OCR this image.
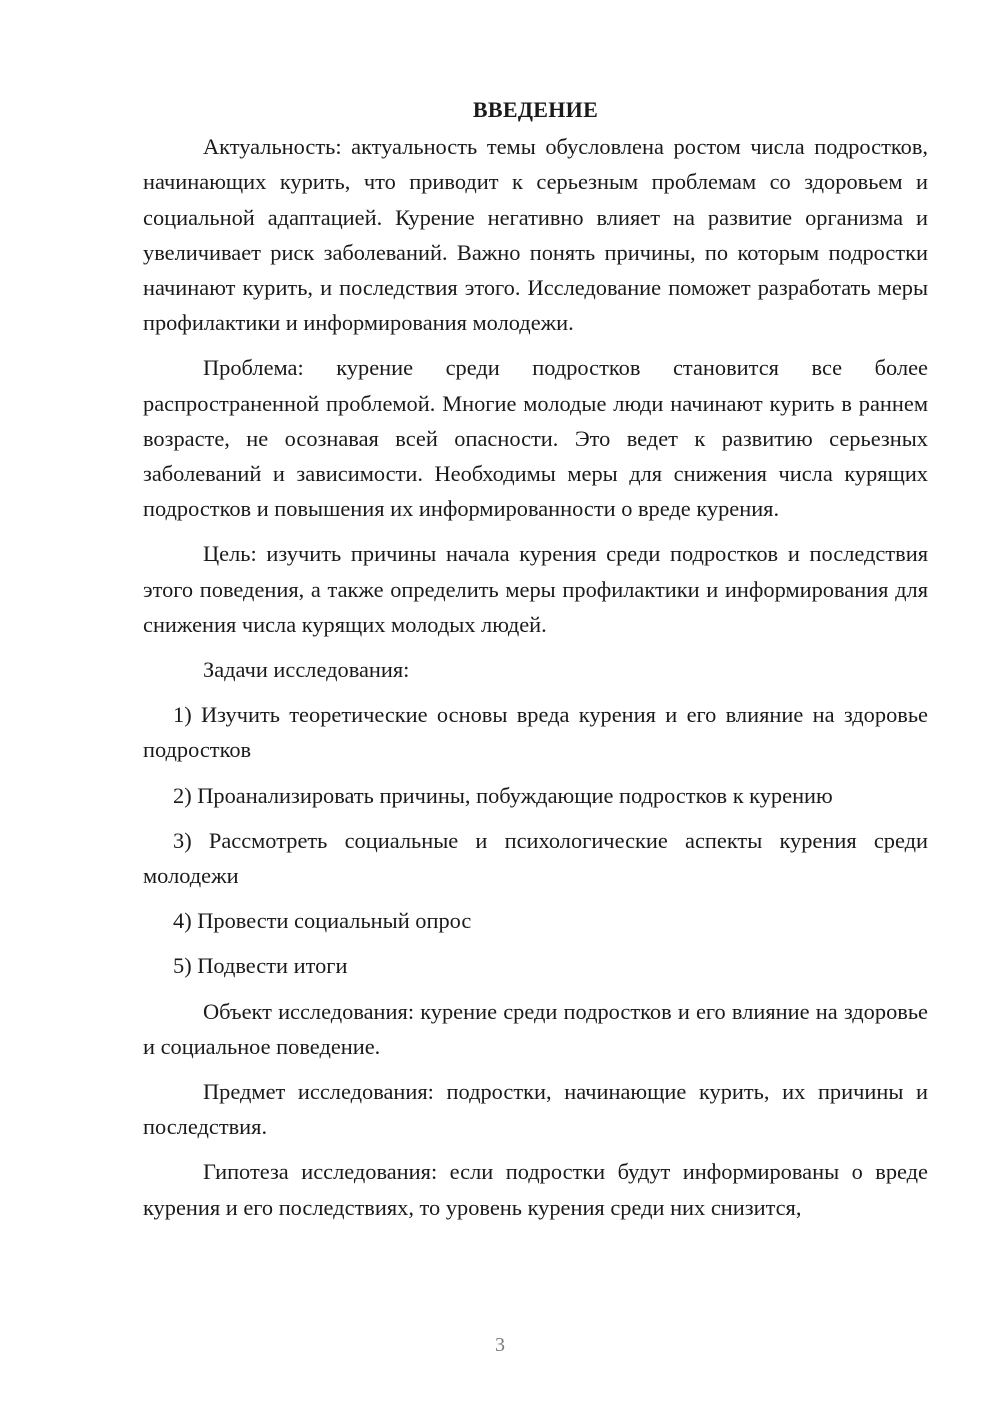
ВВЕДЕНИЕ

Актуальность: актуальность темы обусловлена ростом числа подростков, начинающих курить, что приводит к серьезным проблемам со здоровьем и социальной адаптацией. Курение негативно влияет на развитие организма и увеличивает риск заболеваний. Важно понять причины, по которым подростки начинают курить, и последствия этого. Исследование поможет разработать меры профилактики и информирования молодежи.

Проблема: курение среди подростков становится все более распространенной проблемой. Многие молодые люди начинают курить в раннем возрасте, не осознавая всей опасности. Это ведет к развитию серьезных заболеваний и зависимости. Необходимы меры для снижения числа курящих подростков и повышения их информированности о вреде курения.

Цель: изучить причины начала курения среди подростков и последствия этого поведения, а также определить меры профилактики и информирования для снижения числа курящих молодых людей.

Задачи исследования:

1) Изучить теоретические основы вреда курения и его влияние на здоровье подростков

2) Проанализировать причины, побуждающие подростков к курению

3) Рассмотреть социальные и психологические аспекты курения среди молодежи

4) Провести социальный опрос

5) Подвести итоги

Объект исследования: курение среди подростков и его влияние на здоровье и социальное поведение.

Предмет исследования: подростки, начинающие курить, их причины и последствия.

Гипотеза исследования: если подростки будут информированы о вреде курения и его последствиях, то уровень курения среди них снизится,

3
